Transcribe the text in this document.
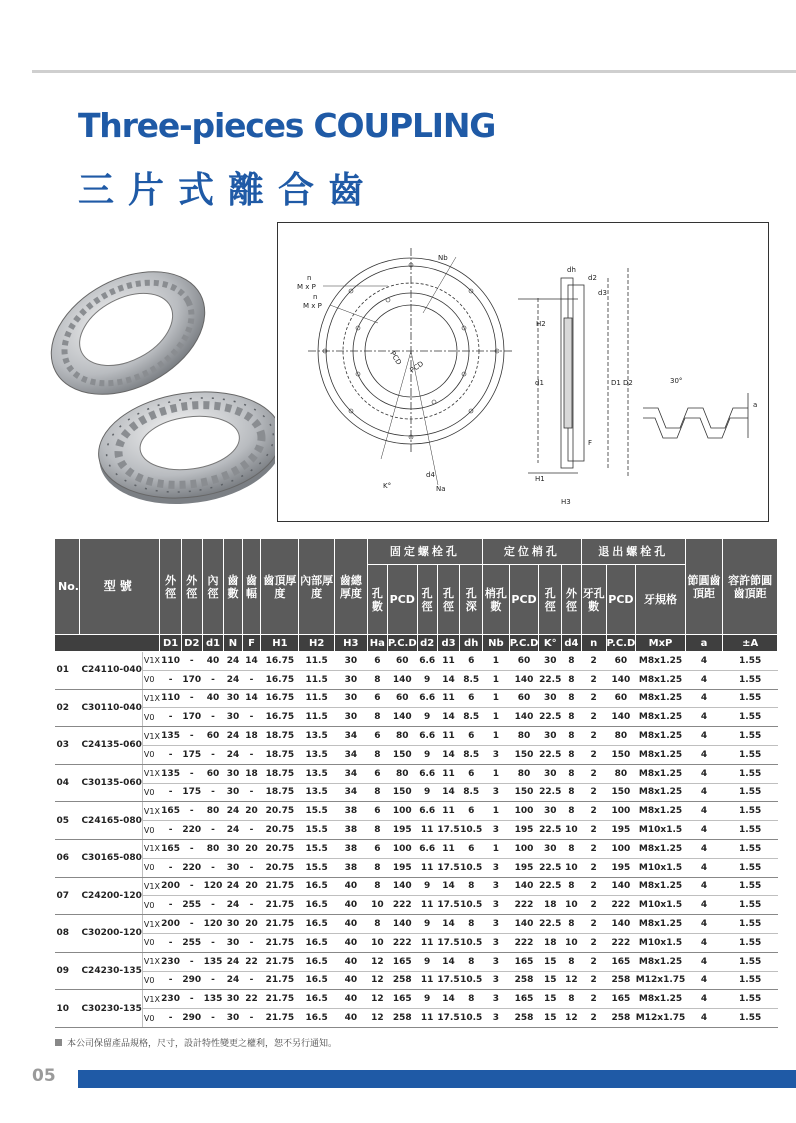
Three-pieces COUPLING
三片式離合齒
Nb
n
M x P
n
M x P
PCD
PCD
K°
d4
Na
dh
d2
d3
H2
d1	D1 D2
F
H1
H3
30°
a
No.	型號		外徑	外徑	內徑	齒數	齒幅	齒頂厚度	內部厚度	齒總厚度	固定螺栓孔					定位梢孔				退出螺栓孔			節圓齒頂距	容許節圓齒頂距
											孔數	PCD	孔徑	孔徑	孔深	梢孔數	PCD	孔徑	外徑	牙孔數	PCD	牙規格		
			D1	D2	d1	N	F	H1	H2	H3	Ha	P.C.D	d2	d3	dh	Nb	P.C.D	K°	d4	n	P.C.D	MxP	a	±A
01	C24110-040	V1X	110	-	40	24	14	16.75	11.5	30	6	60	6.6	11	6	1	60	30	8	2	60	M8x1.25	4	1.55
		V0	-	170	-	24	-	16.75	11.5	30	8	140	9	14	8.5	1	140	22.5	8	2	140	M8x1.25	4	1.55
02	C30110-040	V1X	110	-	40	30	14	16.75	11.5	30	6	60	6.6	11	6	1	60	30	8	2	60	M8x1.25	4	1.55
		V0	-	170	-	30	-	16.75	11.5	30	8	140	9	14	8.5	1	140	22.5	8	2	140	M8x1.25	4	1.55
03	C24135-060	V1X	135	-	60	24	18	18.75	13.5	34	6	80	6.6	11	6	1	80	30	8	2	80	M8x1.25	4	1.55
		V0	-	175	-	24	-	18.75	13.5	34	8	150	9	14	8.5	3	150	22.5	8	2	150	M8x1.25	4	1.55
04	C30135-060	V1X	135	-	60	30	18	18.75	13.5	34	6	80	6.6	11	6	1	80	30	8	2	80	M8x1.25	4	1.55
		V0	-	175	-	30	-	18.75	13.5	34	8	150	9	14	8.5	3	150	22.5	8	2	150	M8x1.25	4	1.55
05	C24165-080	V1X	165	-	80	24	20	20.75	15.5	38	6	100	6.6	11	6	1	100	30	8	2	100	M8x1.25	4	1.55
		V0	-	220	-	24	-	20.75	15.5	38	8	195	11	17.5	10.5	3	195	22.5	10	2	195	M10x1.5	4	1.55
06	C30165-080	V1X	165	-	80	30	20	20.75	15.5	38	6	100	6.6	11	6	1	100	30	8	2	100	M8x1.25	4	1.55
		V0	-	220	-	30	-	20.75	15.5	38	8	195	11	17.5	10.5	3	195	22.5	10	2	195	M10x1.5	4	1.55
07	C24200-120	V1X	200	-	120	24	20	21.75	16.5	40	8	140	9	14	8	3	140	22.5	8	2	140	M8x1.25	4	1.55
		V0	-	255	-	24	-	21.75	16.5	40	10	222	11	17.5	10.5	3	222	18	10	2	222	M10x1.5	4	1.55
08	C30200-120	V1X	200	-	120	30	20	21.75	16.5	40	8	140	9	14	8	3	140	22.5	8	2	140	M8x1.25	4	1.55
		V0	-	255	-	30	-	21.75	16.5	40	10	222	11	17.5	10.5	3	222	18	10	2	222	M10x1.5	4	1.55
09	C24230-135	V1X	230	-	135	24	22	21.75	16.5	40	12	165	9	14	8	3	165	15	8	2	165	M8x1.25	4	1.55
		V0	-	290	-	24	-	21.75	16.5	40	12	258	11	17.5	10.5	3	258	15	12	2	258	M12x1.75	4	1.55
10	C30230-135	V1X	230	-	135	30	22	21.75	16.5	40	12	165	9	14	8	3	165	15	8	2	165	M8x1.25	4	1.55
		V0	-	290	-	30	-	21.75	16.5	40	12	258	11	17.5	10.5	3	258	15	12	2	258	M12x1.75	4	1.55
本公司保留產品規格，尺寸，設計特性變更之權利，恕不另行通知。
05
